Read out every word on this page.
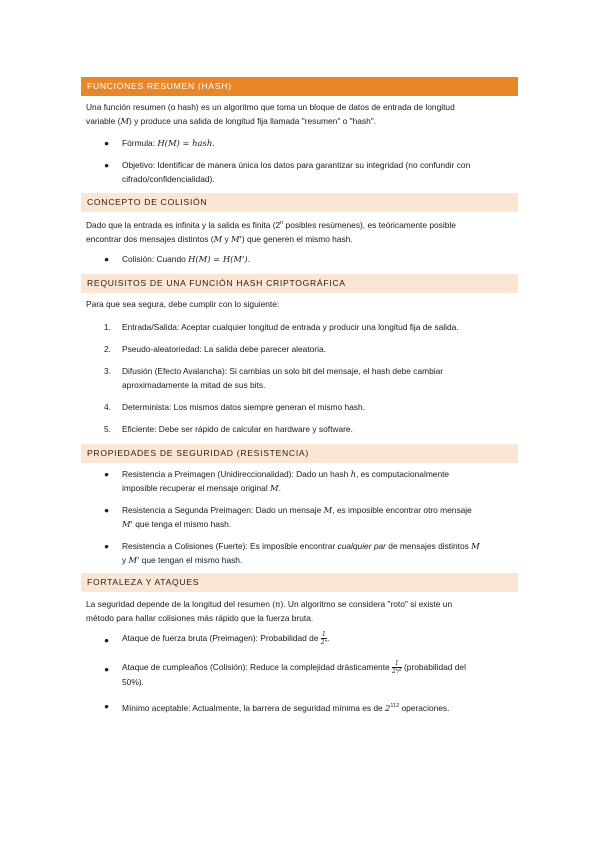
FUNCIONES RESUMEN (HASH)
Una función resumen (o hash) es un algoritmo que toma un bloque de datos de entrada de longitud
variable (M) y produce una salida de longitud fija llamada "resumen" o "hash".
● Fórmula: H(M) = hash.
● Objetivo: Identificar de manera única los datos para garantizar su integridad (no confundir con
cifrado/confidencialidad).
CONCEPTO DE COLISIÓN
Dado que la entrada es infinita y la salida es finita (2$^n$ posibles resúmenes), es teóricamente posible
encontrar dos mensajes distintos (M y M') que generen el mismo hash.
● Colisión: Cuando H(M) = H(M').
REQUISITOS DE UNA FUNCIÓN HASH CRIPTOGRÁFICA
Para que sea segura, debe cumplir con lo siguiente:
1. Entrada/Salida: Aceptar cualquier longitud de entrada y producir una longitud fija de salida.
2. Pseudo-aleatoriedad: La salida debe parecer aleatoria.
3. Difusión (Efecto Avalancha): Si cambias un solo bit del mensaje, el hash debe cambiar
aproximadamente la mitad de sus bits.
4. Determinista: Los mismos datos siempre generan el mismo hash.
5. Eficiente: Debe ser rápido de calcular en hardware y software.
PROPIEDADES DE SEGURIDAD (RESISTENCIA)
● Resistencia a Preimagen (Unidireccionalidad): Dado un hash h, es computacionalmente
imposible recuperar el mensaje original M.
● Resistencia a Segunda Preimagen: Dado un mensaje M, es imposible encontrar otro mensaje
M' que tenga el mismo hash.
● Resistencia a Colisiones (Fuerte): Es imposible encontrar cualquier par de mensajes distintos M
y M' que tengan el mismo hash.
FORTALEZA Y ATAQUES
La seguridad depende de la longitud del resumen (n). Un algoritmo se considera "roto" si existe un
método para hallar colisiones más rápido que la fuerza bruta.
● Ataque de fuerza bruta (Preimagen): Probabilidad de $\frac{1}{\text{2ⁿ}}$ .
● Ataque de cumpleaños (Colisión): Reduce la complejidad drásticamente $\frac{1}{\text{2ⁿ⁄²}}$ (probabilidad del
50%).
● Mínimo aceptable: Actualmente, la barrera de seguridad mínima es de $2^{112}$ operaciones.
